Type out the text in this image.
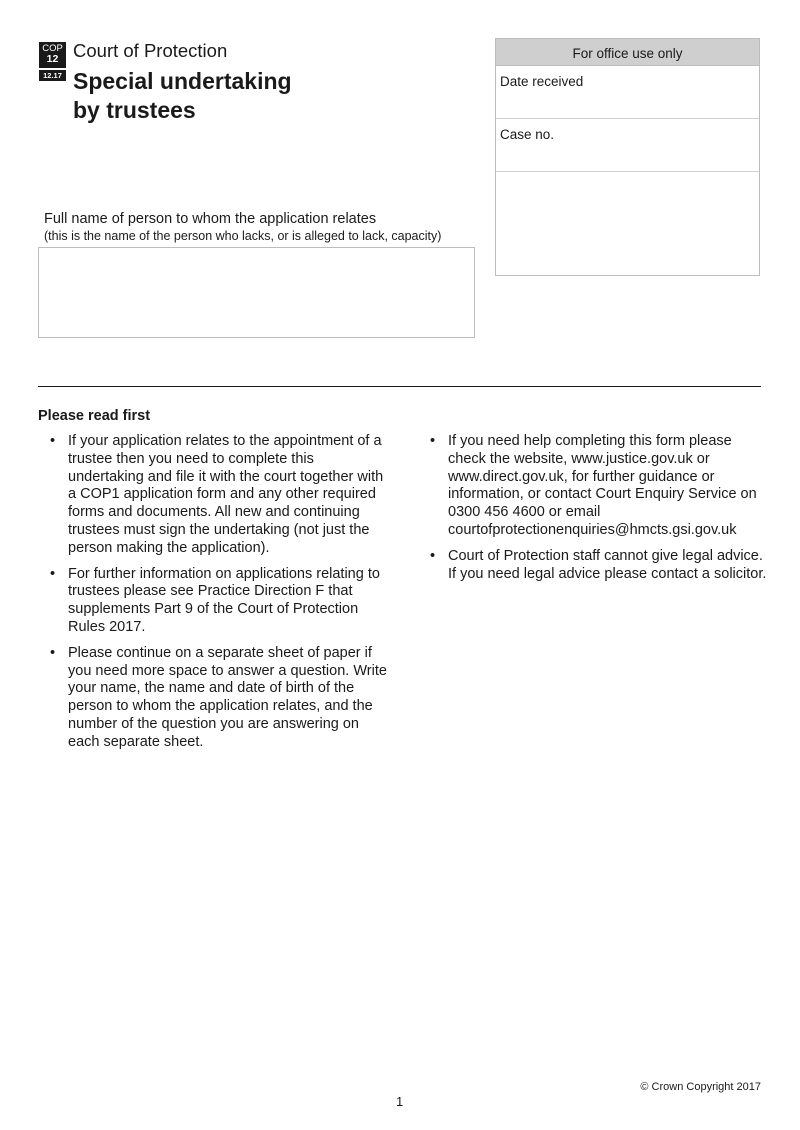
COP
12
12.17
Court of Protection
Special undertaking
by trustees
For office use only
Date received
Case no.
Full name of person to whom the application relates
(this is the name of the person who lacks, or is alleged to lack, capacity)
Please read first
• If your application relates to the appointment of a trustee then you need to complete this undertaking and file it with the court together with a COP1 application form and any other required forms and documents. All new and continuing trustees must sign the undertaking (not just the person making the application).
• For further information on applications relating to trustees please see Practice Direction F that supplements Part 9 of the Court of Protection Rules 2017.
• Please continue on a separate sheet of paper if you need more space to answer a question. Write your name, the name and date of birth of the person to whom the application relates, and the number of the question you are answering on each separate sheet.
• If you need help completing this form please check the website, www.justice.gov.uk or www.direct.gov.uk, for further guidance or information, or contact Court Enquiry Service on 0300 456 4600 or email courtofprotectionenquiries@hmcts.gsi.gov.uk
• Court of Protection staff cannot give legal advice. If you need legal advice please contact a solicitor.
© Crown Copyright 2017
1
